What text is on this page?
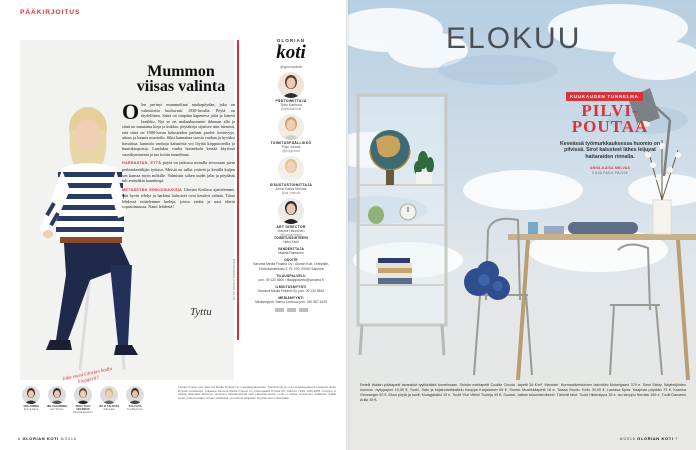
PÄÄKIRJOITUS
Mummon viisas valinta

Olen perinyt mummoltani nuokapöydän, joka on valmistettu luultavasti 1930-luvulla. Pöytä on täydellinen. Siinä on sänpään kapeneva jalat ja kätevä laatikko. Nyt se on makuuhuoneeni ikkunan alla ja siinä on muutama kirja ja kukkia. pöytäkirja sijaitsee niin hienosti, että siinä on 1900-luvun kalusteiden parhaat puolet: kestävyys, aitous ja kaunis muotoilu. Siksi kannattaa suosia vanhaa ja hyväksi havaittua. kauniita vanhoja kalusteita voi löytää kirpputoreilta ja huutokaupoista. Laadukas vanha huonekalu kestää käytössä vuosikymmeniä ja tuo kotiin tunnelmaa.

HARRASTAN, ETTÄ pöytä on jatkossa minulla arvossaan pieni perhonkeräilijän työtaso. Meistä on tullut ystäviä ja kesällä kuljen sen kanssa myös mökille. Valmistin siihen uudet jalat ja pöydästä tuli entistäkin kauniimpi.

METSÄSTÄN ERIKOISUUKSIA Glorian Kodissa ajattelemme, että hyvin tehdyt ja harkitut kalusteet ovat kestävä valinta. Tässä lehdessä esittelemme kodeja, joissa vanha ja uusi elävät sopusoinnussa. Nauti lehdestä!

Tyttu
GLORIAN
koti
@gloriankoti
PÄÄTOIMITTAJA
Tyttu Kanhola
@tyttukanhola
TOIMITUSPÄÄLLIKKÖ
Pirjo Juhola
@pirjojuhola
SISUSTUSTOIMITTAJA
Anna-Kaisa Melvas
@ak_melvas
ART DIRECTOR
Hanna Hänninen
@hannahannin
TOIMITUSSIHTEERI
Heini Kiviö
VANDENTTAJA
Maaria Rantanen
OSOITE
Sanoma Media Finland Oy / Glorian Koti, Lehtipiste, Töölönlahdenkatu 2, PL 100, 00040 Sanoma
TILAUSPALVELU
puh. 09 120 5600 / tilaajapalvelu@sanoma.fi
ILMOITUSMYYNTI
Sanoma Media Finland Oy, puh. 09 120 5840
MEDIAMYYNTI
Mediamyynti, Sanna Lindroos puh. 040 587 4425
KUVA MARIA MAKKONEN
Joka vuosi Glorian kodin bloggarit?
ARS JUMBO
Emma Harte
HELI HAARDING
Heli Thoren
PEHU TALO HELENIUS
Piia Hakkarainen
JULIA TALOVAS
Julia Aalto
TUA CASA
Tua Backman
Lehden hinnat ovat Sanoma Media Finland Oy:n asiakaspalvelussa. Tilaushinnat ja muut asiakaspalvelua koskevat tiedot löytyvät osoitteesta. Julkaisija Sanoma Media Finland Oy. Painopaikka Printall AS, Tallinna. ISSN 1235-2055. Toimitus ei vastaa tilaamatta lähetetyn aineiston säilyttämisestä eikä palauttamisesta. Lehti ei vastaa ilmoitusten sisällöstä. Kaikki tiedot, jotka kuvataan lehden sisällössä, perustuvat tekijöiden kirjoittamaan materiaaliin.
6 GLORIAN KOTI 8/2016
ELOKUU
KUUKAUDEN TUNNELMA
PILVI-POUTAA
Keveässä työmurkkauksessa huomio on pilvissä. Sirot kalusteet lähes leijuvat hattaraiden rinnalla.
ANNA-KAISA MELVAS
KUVA PANU PÄLVIÄ
Retelli Walsin pilvitapetti tavarakivi tyylikkäästi tunnelmaan. Seinän minitapetti Cuddle Clouds -tapetti 36 €/m², Mancieri. Normaaliveistoinen lasivitriini Mobelgaard 379 e. Sieni Sänty. Näyttelijöiden luonnos -hyllypaperi 19,90 €, Tuohi. Sato ja kirjaindarttikattelu Kauppa Karjalainen 69 €, Suntai. Musiikkitapetti 16 e, Taisaa Studio. Kello 39,90 €, Lautasa Spira. Kaapista pöytään 75 €, Kaarina Gerwanger 50 €. Muut pöytä ja tuolit, Mulayjatakki 19 e. Tuolit Yksi Vitriini Tuoleja 49 €, Suutari, Jatkan taloustarvikkeet. Tärkeät talot: Tuolit Hiidenlippa 35 e. Iso lamppu Nordisk 195 e. Tuolit Dansens Arkki 45 €.
8/2016 GLORIAN KOTI 7
